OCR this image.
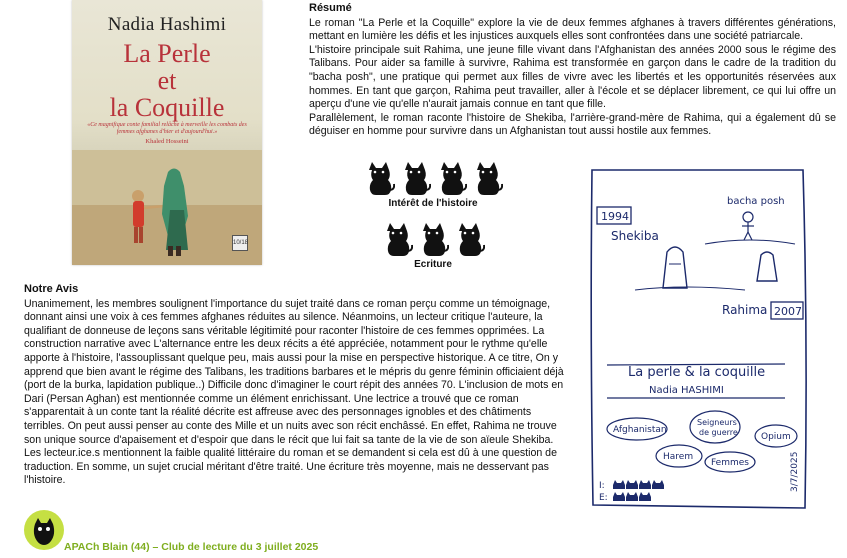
Nadia Hashimi
La Perle
et
la Coquille
«Ce magnifique conte familial relâche à merveille les combats des femmes afghanes d'hier et d'aujourd'hui.»
Khaled Hosseini
10/18
Résumé

Le roman "La Perle et la Coquille" explore la vie de deux femmes afghanes à travers différentes générations, mettant en lumière les défis et les injustices auxquels elles sont confrontées dans une société patriarcale.

L'histoire principale suit Rahima, une jeune fille vivant dans l'Afghanistan des années 2000 sous le régime des Talibans. Pour aider sa famille à survivre, Rahima est transformée en garçon dans le cadre de la tradition du "bacha posh", une pratique qui permet aux filles de vivre avec les libertés et les opportunités réservées aux hommes. En tant que garçon, Rahima peut travailler, aller à l'école et se déplacer librement, ce qui lui offre un aperçu d'une vie qu'elle n'aurait jamais connue en tant que fille.

Parallèlement, le roman raconte l'histoire de Shekiba, l'arrière-grand-mère de Rahima, qui a également dû se déguiser en homme pour survivre dans un Afghanistan tout aussi hostile aux femmes.

Intérêt de l'histoire
Ecriture
Notre Avis

Unanimement, les membres soulignent l'importance du sujet traité dans ce roman perçu comme un témoignage, donnant ainsi une voix à ces femmes afghanes réduites au silence. Néanmoins, un lecteur critique l'auteure, la qualifiant de donneuse de leçons sans véritable légitimité pour raconter l'histoire de ces femmes opprimées. La construction narrative avec L'alternance entre les deux récits a été appréciée, notamment pour le rythme qu'elle apporte à l'histoire, l'assouplissant quelque peu, mais aussi pour la mise en perspective historique. A ce titre, On y apprend que bien avant le régime des Talibans, les traditions barbares et le mépris du genre féminin officiaient déjà (port de la burka, lapidation publique..) Difficile donc d'imaginer le court répit des années 70. L'inclusion de mots en Dari (Persan Aghan) est mentionnée comme un élément enrichissant. Une lectrice a trouvé que ce roman s'apparentait à un conte tant la réalité décrite est affreuse avec des personnages ignobles et des châtiments terribles. On peut aussi penser au conte des Mille et un nuits avec son récit enchâssé. En effet, Rahima ne trouve son unique source d'apaisement et d'espoir que dans le récit que lui fait sa tante de la vie de son aïeule Shekiba. Les lecteur.ice.s mentionnent la faible qualité littéraire du roman et se demandent si cela est dû à une question de traduction. En somme, un sujet crucial méritant d'être traité. Une écriture très moyenne, mais ne desservant pas l'histoire.

1994
Shekiba
bacha posh
Rahima 2007
La perle & la coquille
Nadia HASHIMI
Afghanistan
Seigneurs
de guerre	Opium
Harem
Femmes
I:
E:
3/7/2025
APACh Blain (44) – Club de lecture du 3 juillet 2025
